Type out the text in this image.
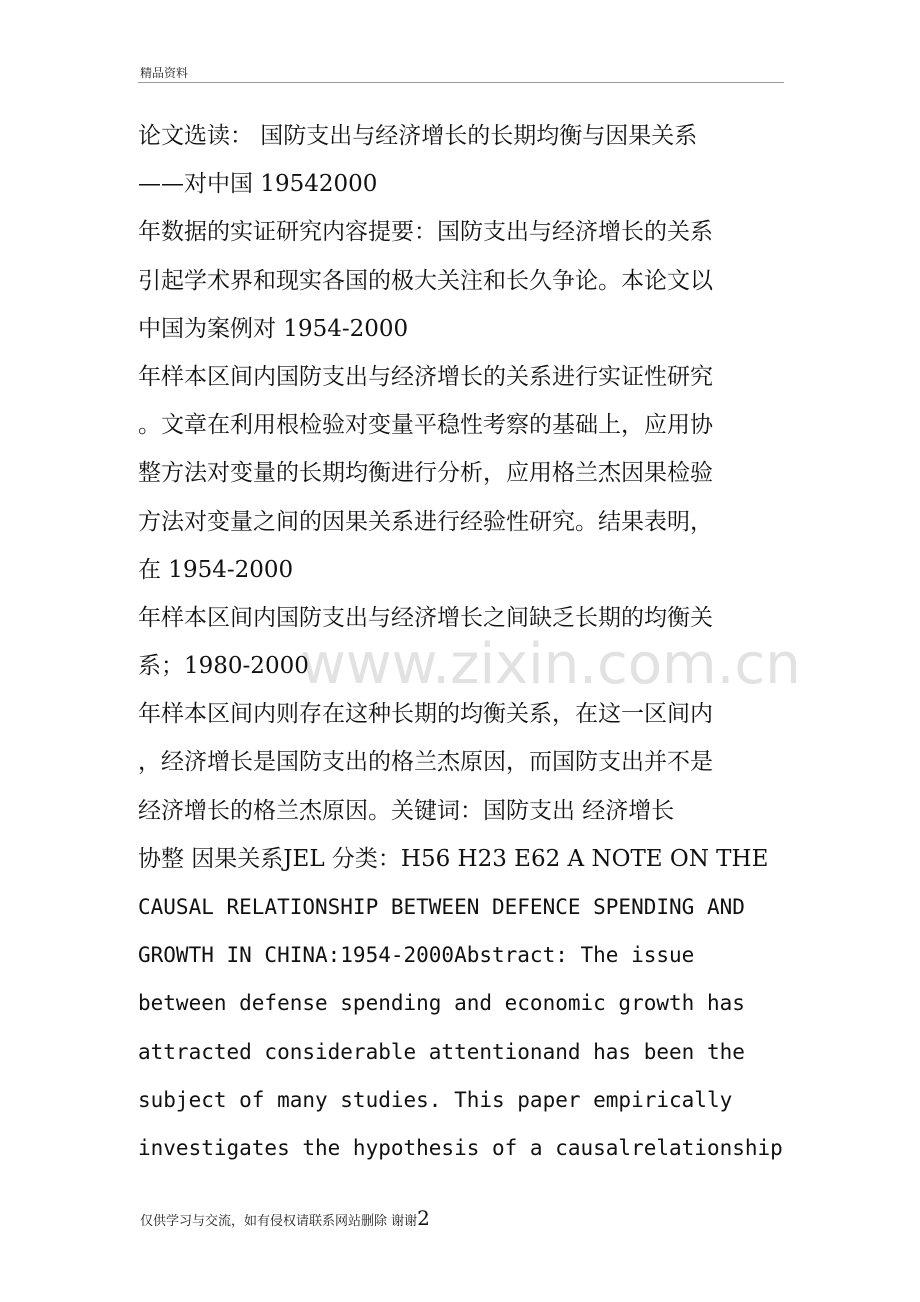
精品资料
www.zixin.com.cn
论文选读： 国防支出与经济增长的长期均衡与因果关系
——对中国 19542000
年数据的实证研究内容提要：国防支出与经济增长的关系
引起学术界和现实各国的极大关注和长久争论。本论文以
中国为案例对 1954-2000
年样本区间内国防支出与经济增长的关系进行实证性研究
。文章在利用根检验对变量平稳性考察的基础上，应用协
整方法对变量的长期均衡进行分析，应用格兰杰因果检验
方法对变量之间的因果关系进行经验性研究。结果表明，
在 1954-2000
年样本区间内国防支出与经济增长之间缺乏长期的均衡关
系；1980-2000
年样本区间内则存在这种长期的均衡关系，在这一区间内
，经济增长是国防支出的格兰杰原因，而国防支出并不是
经济增长的格兰杰原因。关键词：国防支出 经济增长
协整 因果关系JEL 分类：H56 H23 E62 A NOTE ON THE
CAUSAL RELATIONSHIP BETWEEN DEFENCE SPENDING AND
GROWTH IN CHINA:1954-2000Abstract: The issue
between defense spending and economic growth has
attracted considerable attentionand has been the
subject of many studies. This paper empirically
investigates the hypothesis of a causalrelationship
仅供学习与交流，如有侵权请联系网站删除 谢谢2
